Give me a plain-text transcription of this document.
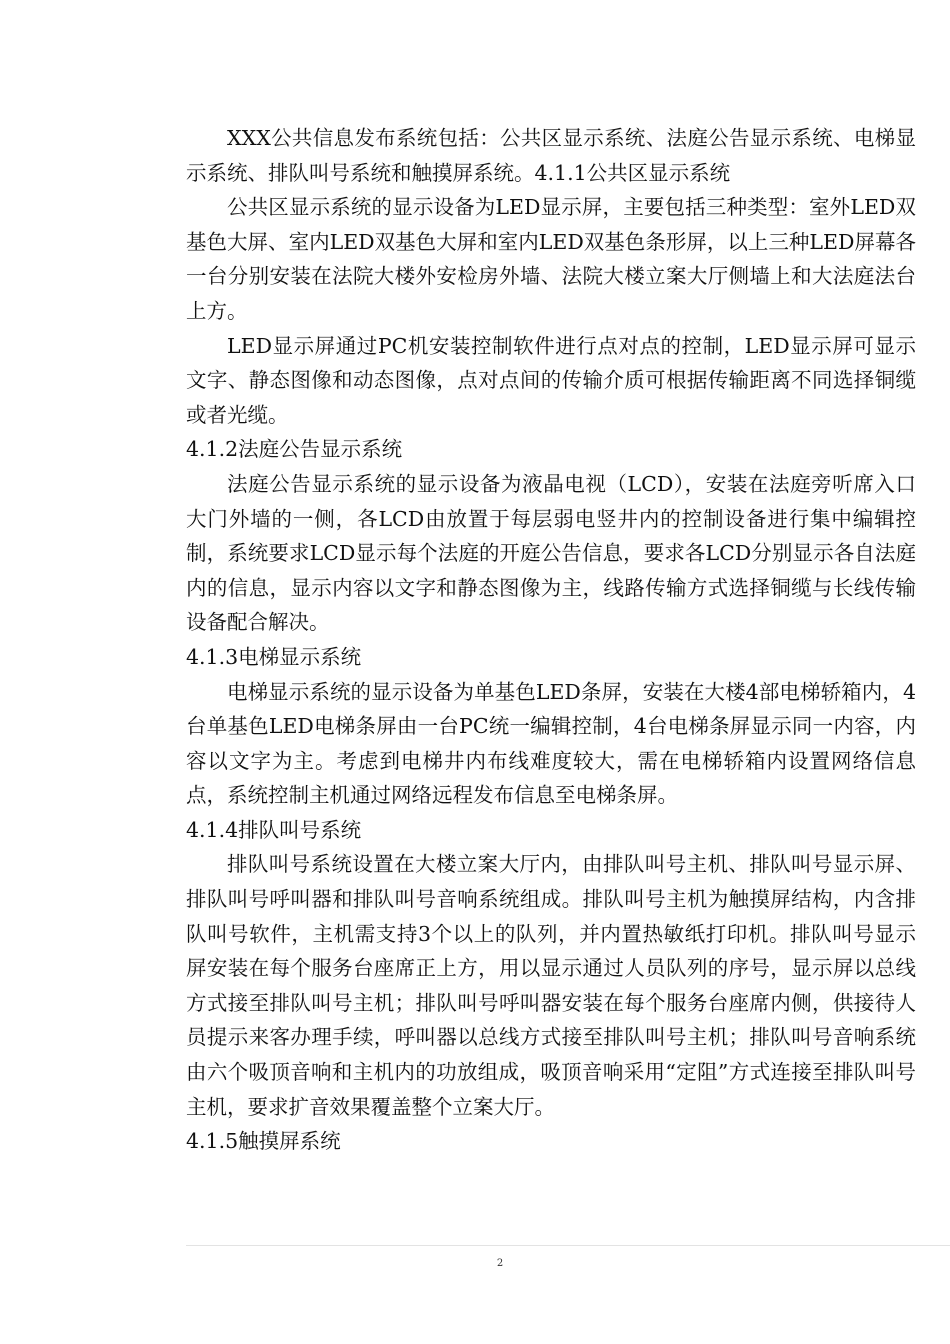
XXX公共信息发布系统包括：公共区显示系统、法庭公告显示系统、电梯显示系统、排队叫号系统和触摸屏系统。4.1.1公共区显示系统

公共区显示系统的显示设备为LED显示屏，主要包括三种类型：室外LED双基色大屏、室内LED双基色大屏和室内LED双基色条形屏，以上三种LED屏幕各一台分别安装在法院大楼外安检房外墙、法院大楼立案大厅侧墙上和大法庭法台上方。

LED显示屏通过PC机安装控制软件进行点对点的控制，LED显示屏可显示文字、静态图像和动态图像，点对点间的传输介质可根据传输距离不同选择铜缆或者光缆。

4.1.2法庭公告显示系统

法庭公告显示系统的显示设备为液晶电视（LCD），安装在法庭旁听席入口大门外墙的一侧，各LCD由放置于每层弱电竖井内的控制设备进行集中编辑控制，系统要求LCD显示每个法庭的开庭公告信息，要求各LCD分别显示各自法庭内的信息，显示内容以文字和静态图像为主，线路传输方式选择铜缆与长线传输设备配合解决。

4.1.3电梯显示系统

电梯显示系统的显示设备为单基色LED条屏，安装在大楼4部电梯轿箱内，4台单基色LED电梯条屏由一台PC统一编辑控制，4台电梯条屏显示同一内容，内容以文字为主。考虑到电梯井内布线难度较大，需在电梯轿箱内设置网络信息点，系统控制主机通过网络远程发布信息至电梯条屏。

4.1.4排队叫号系统

排队叫号系统设置在大楼立案大厅内，由排队叫号主机、排队叫号显示屏、排队叫号呼叫器和排队叫号音响系统组成。排队叫号主机为触摸屏结构，内含排队叫号软件，主机需支持3个以上的队列，并内置热敏纸打印机。排队叫号显示屏安装在每个服务台座席正上方，用以显示通过人员队列的序号，显示屏以总线方式接至排队叫号主机；排队叫号呼叫器安装在每个服务台座席内侧，供接待人员提示来客办理手续，呼叫器以总线方式接至排队叫号主机；排队叫号音响系统由六个吸顶音响和主机内的功放组成，吸顶音响采用“定阻”方式连接至排队叫号主机，要求扩音效果覆盖整个立案大厅。

4.1.5触摸屏系统

2
